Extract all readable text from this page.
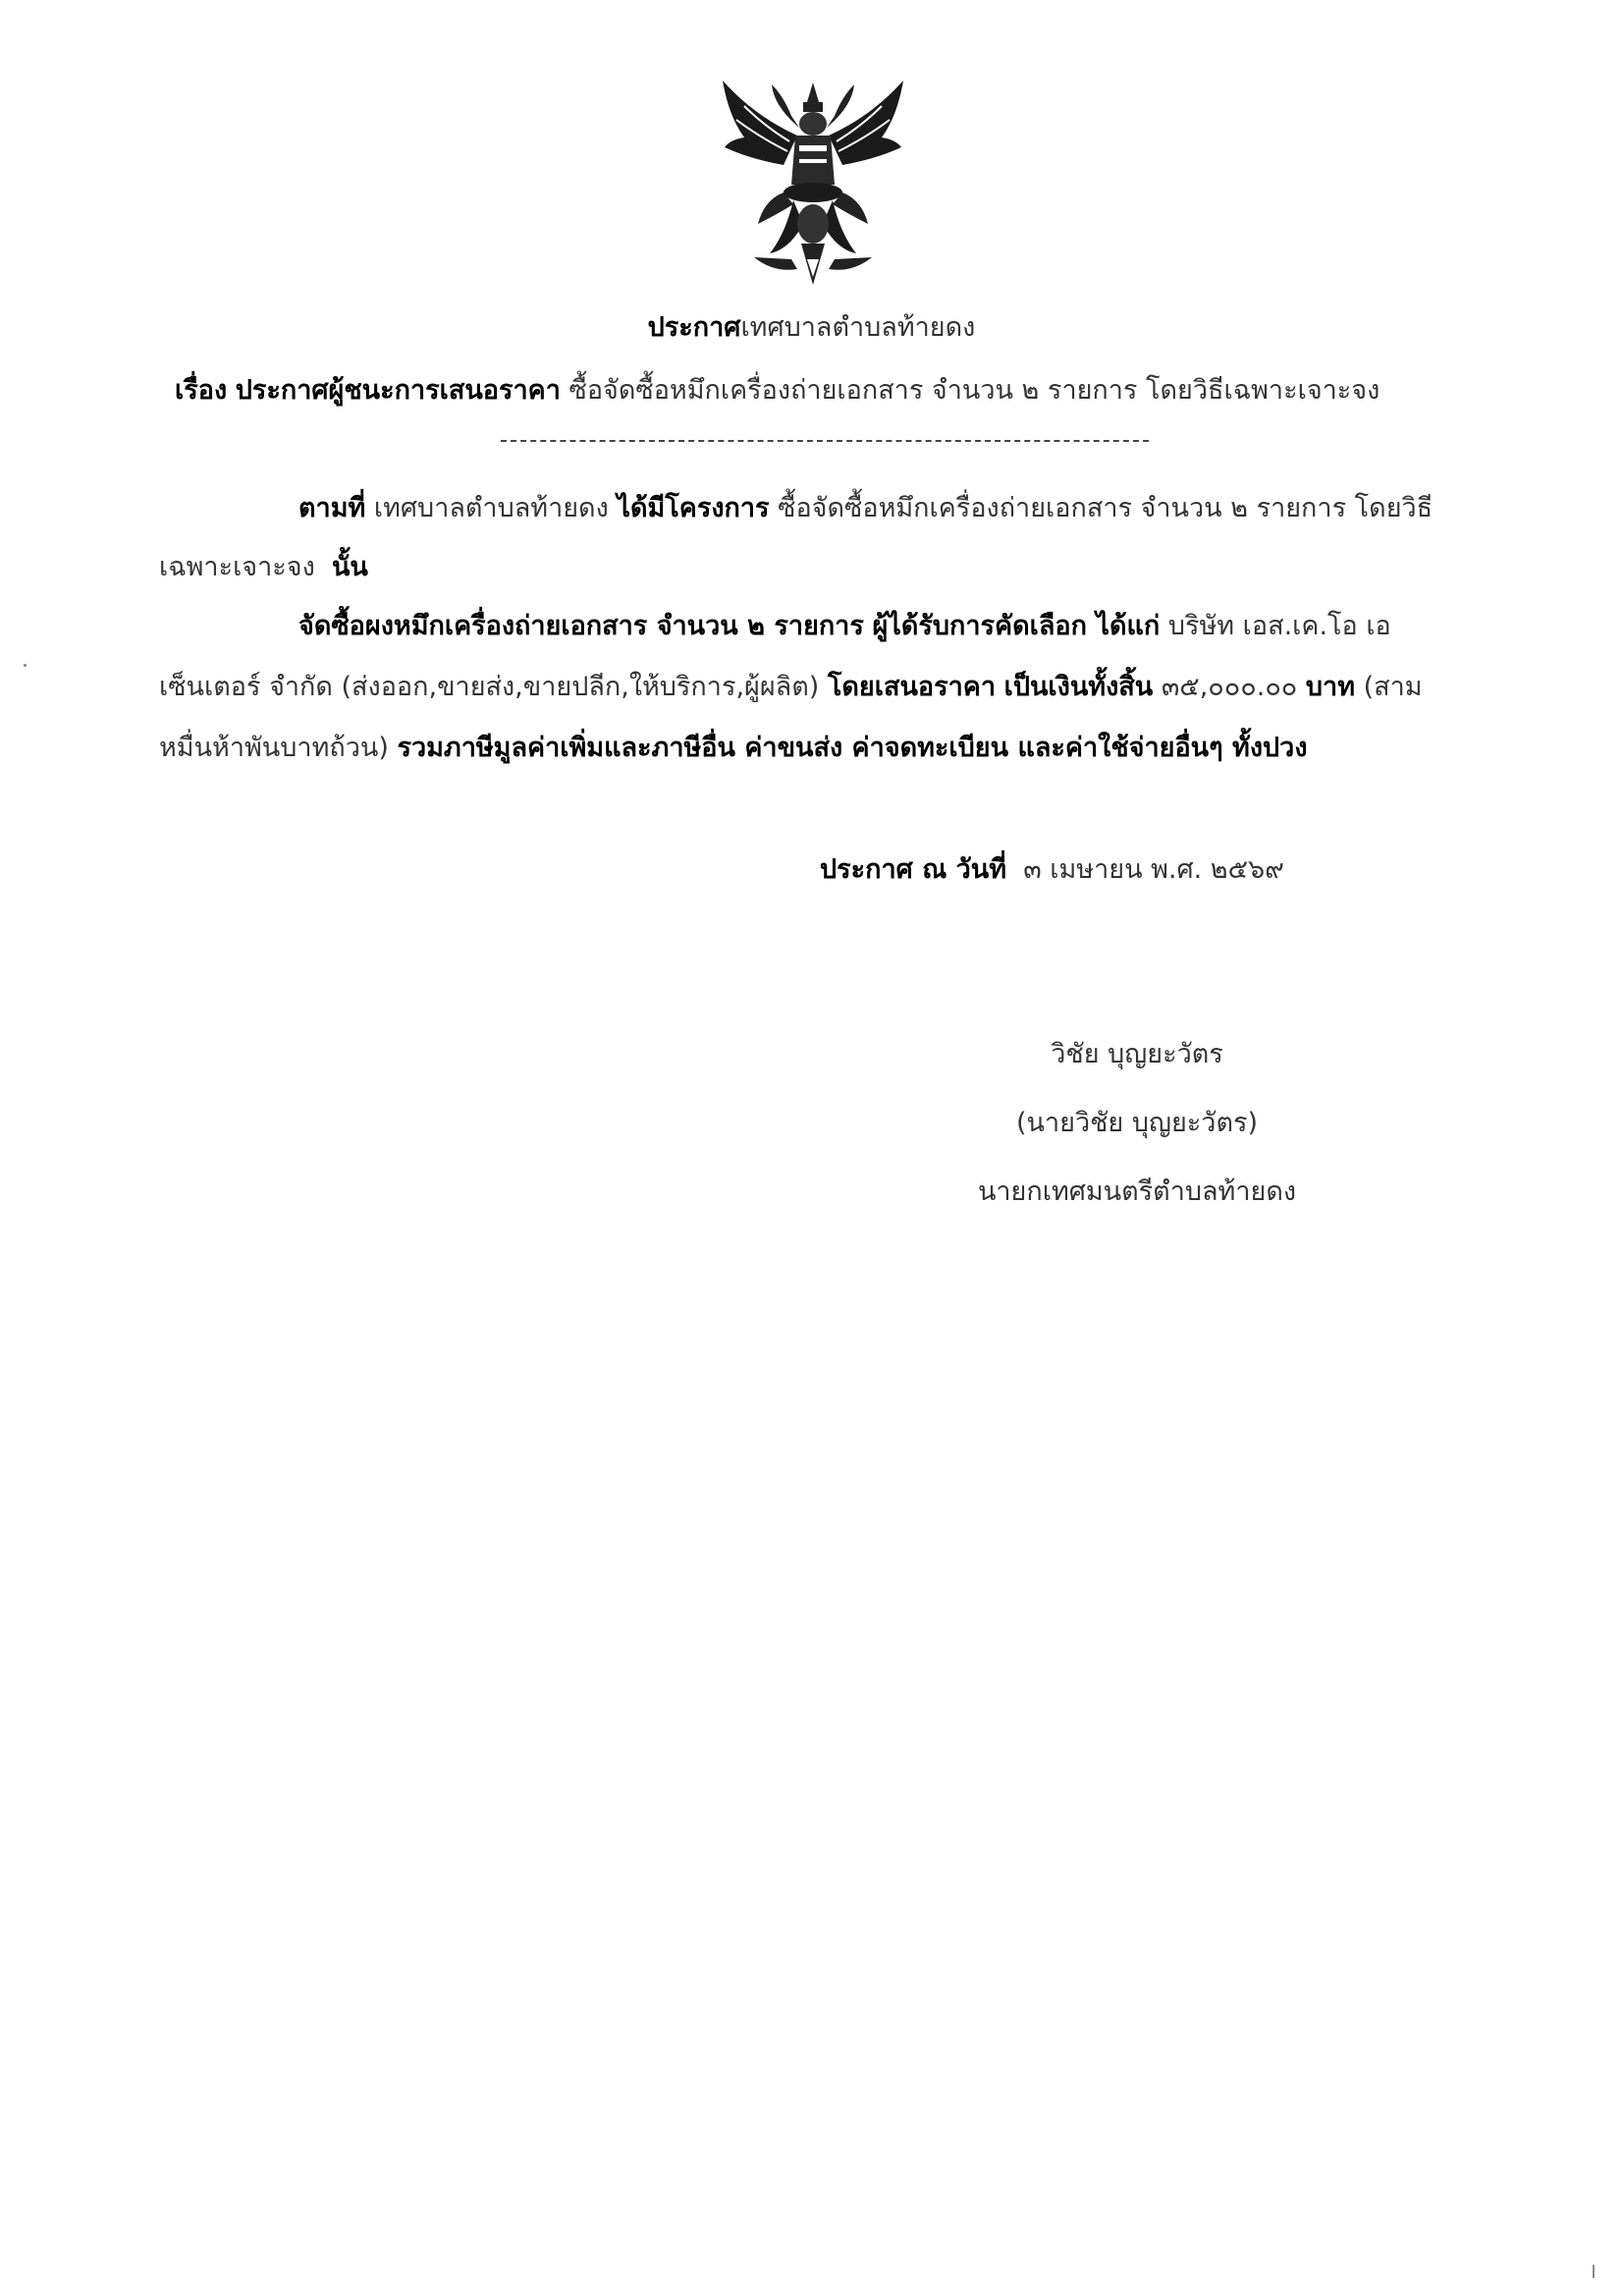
ประกาศเทศบาลตำบลท้ายดง
เรื่อง ประกาศผู้ชนะการเสนอราคา ซื้อจัดซื้อหมึกเครื่องถ่ายเอกสาร จำนวน ๒ รายการ โดยวิธีเฉพาะเจาะจง
ตามที่ เทศบาลตำบลท้ายดง ได้มีโครงการ ซื้อจัดซื้อหมึกเครื่องถ่ายเอกสาร จำนวน ๒ รายการ โดยวิธี
เฉพาะเจาะจง นั้น
จัดซื้อผงหมึกเครื่องถ่ายเอกสาร จำนวน ๒ รายการ ผู้ได้รับการคัดเลือก ได้แก่ บริษัท เอส.เค.โอ เอ
เซ็นเตอร์ จำกัด (ส่งออก,ขายส่ง,ขายปลีก,ให้บริการ,ผู้ผลิต) โดยเสนอราคา เป็นเงินทั้งสิ้น ๓๕,๐๐๐.๐๐ บาท (สาม
หมื่นห้าพันบาทถ้วน) รวมภาษีมูลค่าเพิ่มและภาษีอื่น ค่าขนส่ง ค่าจดทะเบียน และค่าใช้จ่ายอื่นๆ ทั้งปวง
ประกาศ ณ วันที่ ๓ เมษายน พ.ศ. ๒๕๖๙
วิชัย บุญยะวัตร
(นายวิชัย บุญยะวัตร)
นายกเทศมนตรีตำบลท้ายดง
